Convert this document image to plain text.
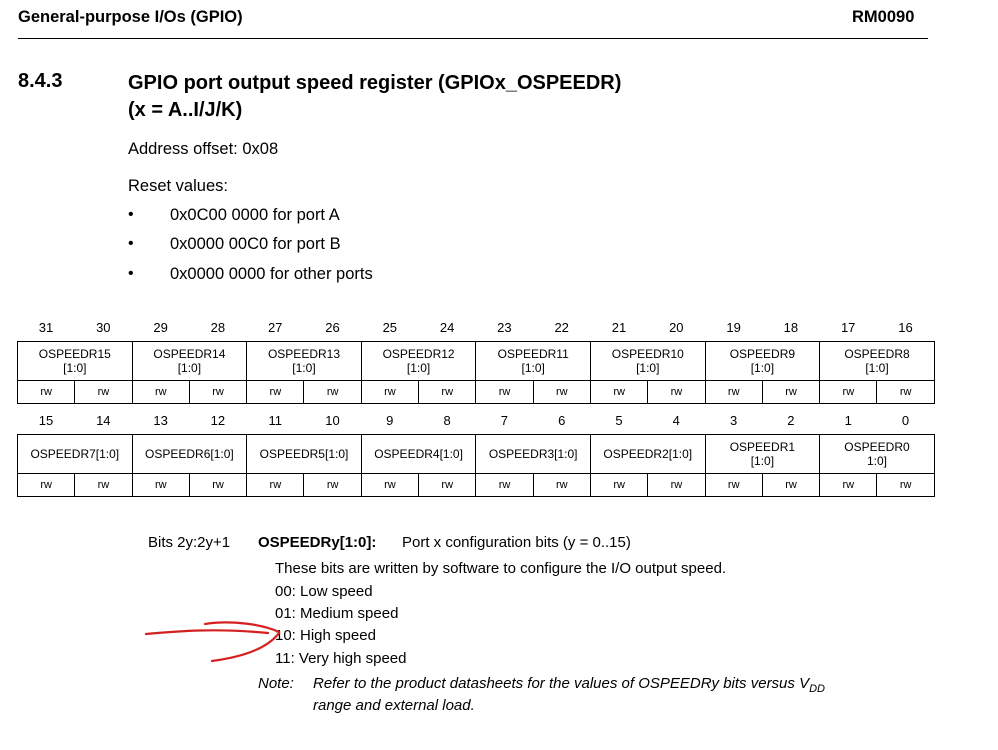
General-purpose I/Os (GPIO)	RM0090
8.4.3	GPIO port output speed register (GPIOx_OSPEEDR)
(x = A..I/J/K)
Address offset: 0x08
Reset values:
• 0x0C00 0000 for port A
• 0x0000 00C0 for port B
• 0x0000 0000 for other ports
31	30	29	28	27	26	25	24	23	22	21	20	19	18	17	16
OSPEEDR15
[1:0]		OSPEEDR14
[1:0]		OSPEEDR13
[1:0]		OSPEEDR12
[1:0]		OSPEEDR11
[1:0]		OSPEEDR10
[1:0]		OSPEEDR9
[1:0]		OSPEEDR8
[1:0]	
rw	rw	rw	rw	rw	rw	rw	rw	rw	rw	rw	rw	rw	rw	rw	rw
15	14	13	12	11	10	9	8	7	6	5	4	3	2	1	0
OSPEEDR7[1:0]		OSPEEDR6[1:0]		OSPEEDR5[1:0]		OSPEEDR4[1:0]		OSPEEDR3[1:0]		OSPEEDR2[1:0]		OSPEEDR1
[1:0]		OSPEEDR0
1:0]	
rw	rw	rw	rw	rw	rw	rw	rw	rw	rw	rw	rw	rw	rw	rw	rw
Bits 2y:2y+1 OSPEEDRy[1:0]: Port x configuration bits (y = 0..15)
These bits are written by software to configure the I/O output speed.
00: Low speed
01: Medium speed
10: High speed
11: Very high speed
Note: Refer to the product datasheets for the values of OSPEEDRy bits versus $V_{DD}$
range and external load.
